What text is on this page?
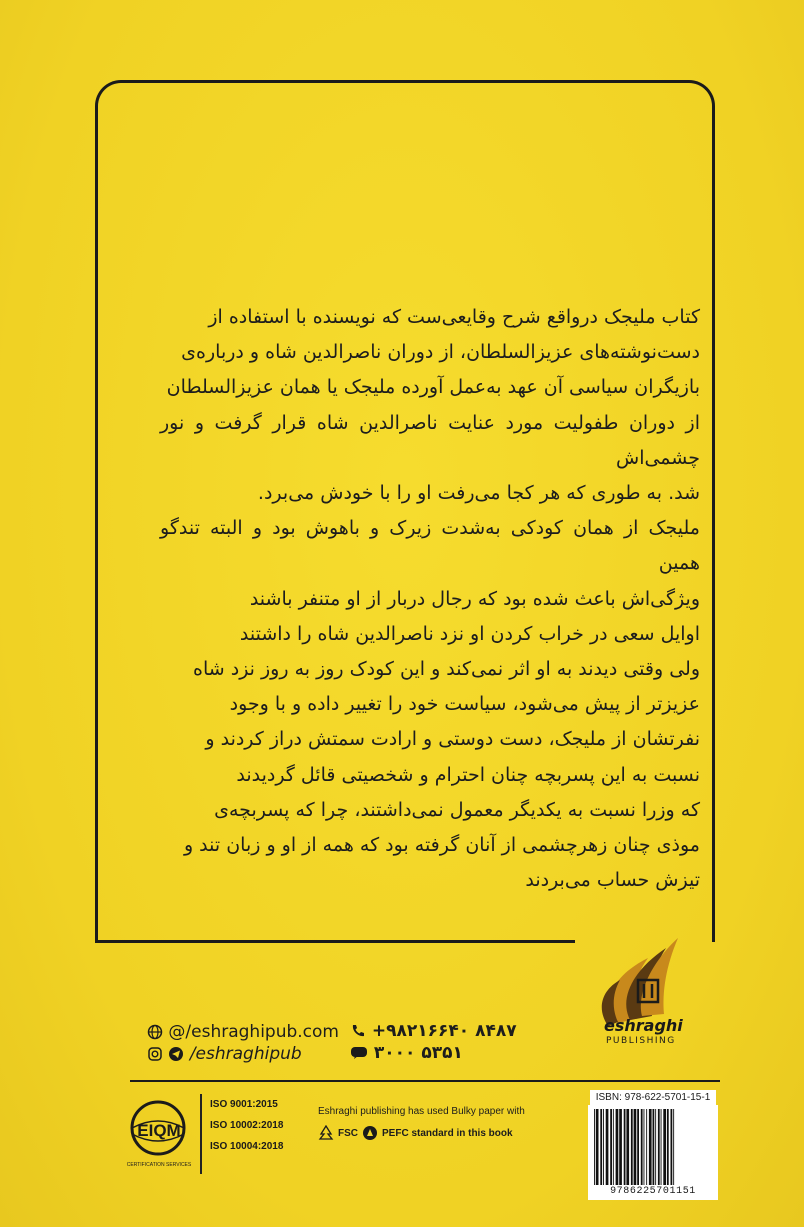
کتاب ملیجک درواقع شرح وقایعی‌ست که نویسنده با استفاده از

دست‌نوشته‌های عزیزالسلطان، از دوران ناصرالدین شاه و درباره‌ی

بازیگران سیاسی آن عهد به‌عمل آورده ملیجک یا همان عزیزالسلطان

از دوران طفولیت مورد عنایت ناصرالدین شاه قرار گرفت و نور چشمی‌اش

شد. به طوری که هر کجا می‌رفت او را با خودش می‌برد.

ملیجک از همان کودکی به‌شدت زیرک و باهوش بود و البته تندگو همین

ویژگی‌اش باعث شده بود که رجال دربار از او متنفر باشند

اوایل سعی در خراب کردن او نزد ناصرالدین شاه را داشتند

ولی وقتی دیدند به او اثر نمی‌کند و این کودک روز به روز نزد شاه

عزیزتر از پیش می‌شود، سیاست خود را تغییر داده و با وجود

نفرتشان از ملیجک، دست دوستی و ارادت سمتش دراز کردند و

نسبت به این پسربچه چنان احترام و شخصیتی قائل گردیدند

که وزرا نسبت به یکدیگر معمول نمی‌داشتند، چرا که پسربچه‌ی

موذی چنان زهرچشمی از آنان گرفته بود که همه از او و زبان تند و

تیزش حساب می‌بردند

eshraghi
PUBLISHING
@/eshraghipub.com
/eshraghipub
+۹۸۲۱۶۶۴۰ ۸۴۸۷
۳۰۰۰ ۵۳۵۱
EIQM
CERTIFICATION SERVICES
ISO 9001:2015
ISO 10002:2018
ISO 10004:2018
Eshraghi publishing has used Bulky paper with
FSC PEFC standard in this book
ISBN: 978-622-5701-15-1
9786225701151
